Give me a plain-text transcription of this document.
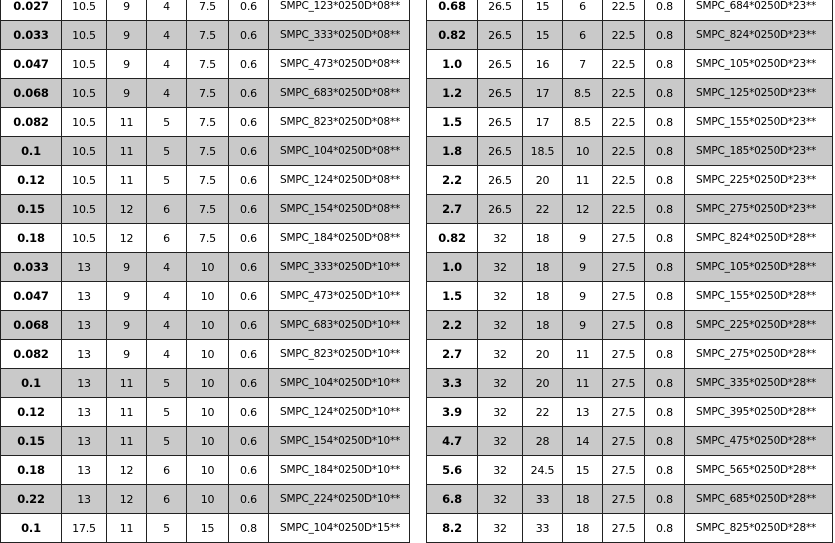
0.027	10.5	9	4	7.5	0.6	SMPC_123*0250D*08**
0.033	10.5	9	4	7.5	0.6	SMPC_333*0250D*08**
0.047	10.5	9	4	7.5	0.6	SMPC_473*0250D*08**
0.068	10.5	9	4	7.5	0.6	SMPC_683*0250D*08**
0.082	10.5	11	5	7.5	0.6	SMPC_823*0250D*08**
0.1	10.5	11	5	7.5	0.6	SMPC_104*0250D*08**
0.12	10.5	11	5	7.5	0.6	SMPC_124*0250D*08**
0.15	10.5	12	6	7.5	0.6	SMPC_154*0250D*08**
0.18	10.5	12	6	7.5	0.6	SMPC_184*0250D*08**
0.033	13	9	4	10	0.6	SMPC_333*0250D*10**
0.047	13	9	4	10	0.6	SMPC_473*0250D*10**
0.068	13	9	4	10	0.6	SMPC_683*0250D*10**
0.082	13	9	4	10	0.6	SMPC_823*0250D*10**
0.1	13	11	5	10	0.6	SMPC_104*0250D*10**
0.12	13	11	5	10	0.6	SMPC_124*0250D*10**
0.15	13	11	5	10	0.6	SMPC_154*0250D*10**
0.18	13	12	6	10	0.6	SMPC_184*0250D*10**
0.22	13	12	6	10	0.6	SMPC_224*0250D*10**
0.1	17.5	11	5	15	0.8	SMPC_104*0250D*15**
0.68	26.5	15	6	22.5	0.8	SMPC_684*0250D*23**
0.82	26.5	15	6	22.5	0.8	SMPC_824*0250D*23**
1.0	26.5	16	7	22.5	0.8	SMPC_105*0250D*23**
1.2	26.5	17	8.5	22.5	0.8	SMPC_125*0250D*23**
1.5	26.5	17	8.5	22.5	0.8	SMPC_155*0250D*23**
1.8	26.5	18.5	10	22.5	0.8	SMPC_185*0250D*23**
2.2	26.5	20	11	22.5	0.8	SMPC_225*0250D*23**
2.7	26.5	22	12	22.5	0.8	SMPC_275*0250D*23**
0.82	32	18	9	27.5	0.8	SMPC_824*0250D*28**
1.0	32	18	9	27.5	0.8	SMPC_105*0250D*28**
1.5	32	18	9	27.5	0.8	SMPC_155*0250D*28**
2.2	32	18	9	27.5	0.8	SMPC_225*0250D*28**
2.7	32	20	11	27.5	0.8	SMPC_275*0250D*28**
3.3	32	20	11	27.5	0.8	SMPC_335*0250D*28**
3.9	32	22	13	27.5	0.8	SMPC_395*0250D*28**
4.7	32	28	14	27.5	0.8	SMPC_475*0250D*28**
5.6	32	24.5	15	27.5	0.8	SMPC_565*0250D*28**
6.8	32	33	18	27.5	0.8	SMPC_685*0250D*28**
8.2	32	33	18	27.5	0.8	SMPC_825*0250D*28**
